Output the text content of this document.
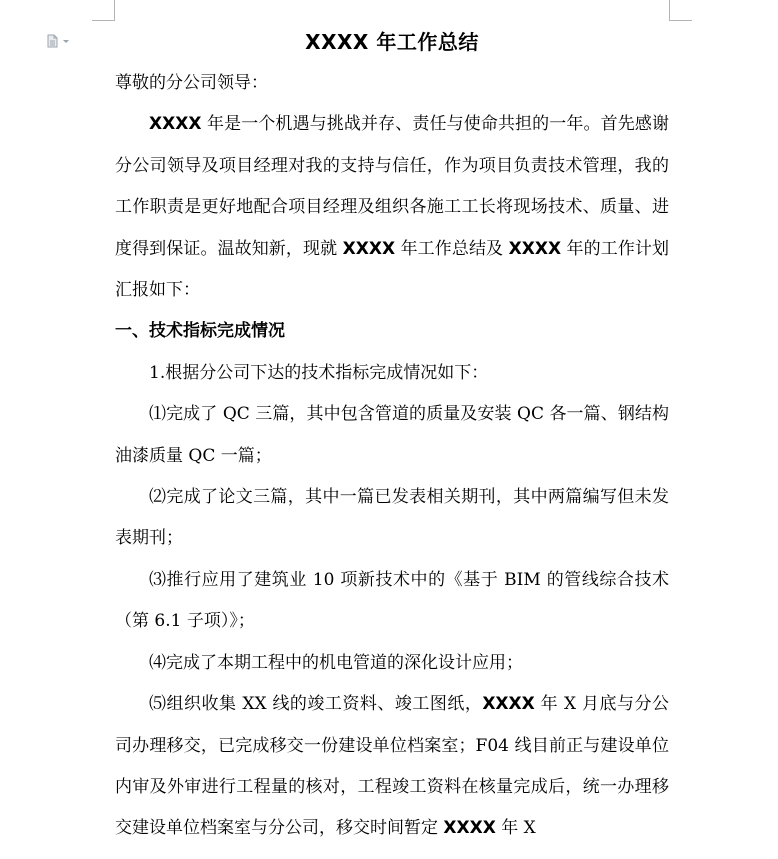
XXXX 年工作总结

尊敬的分公司领导：

XXXX 年是一个机遇与挑战并存、责任与使命共担的一年。首先感谢分公司领导及项目经理对我的支持与信任，作为项目负责技术管理，我的工作职责是更好地配合项目经理及组织各施工工长将现场技术、质量、进度得到保证。温故知新，现就 XXXX 年工作总结及 XXXX 年的工作计划汇报如下：

一、技术指标完成情况

1.根据分公司下达的技术指标完成情况如下：

⑴完成了 QC 三篇，其中包含管道的质量及安装 QC 各一篇、钢结构油漆质量 QC 一篇；

⑵完成了论文三篇，其中一篇已发表相关期刊，其中两篇编写但未发表期刊；

⑶推行应用了建筑业 10 项新技术中的《基于 BIM 的管线综合技术（第 6.1 子项）》；

⑷完成了本期工程中的机电管道的深化设计应用；

⑸组织收集 XX 线的竣工资料、竣工图纸，XXXX 年 X 月底与分公司办理移交，已完成移交一份建设单位档案室；F04 线目前正与建设单位内审及外审进行工程量的核对，工程竣工资料在核量完成后，统一办理移交建设单位档案室与分公司，移交时间暂定 XXXX 年 X
